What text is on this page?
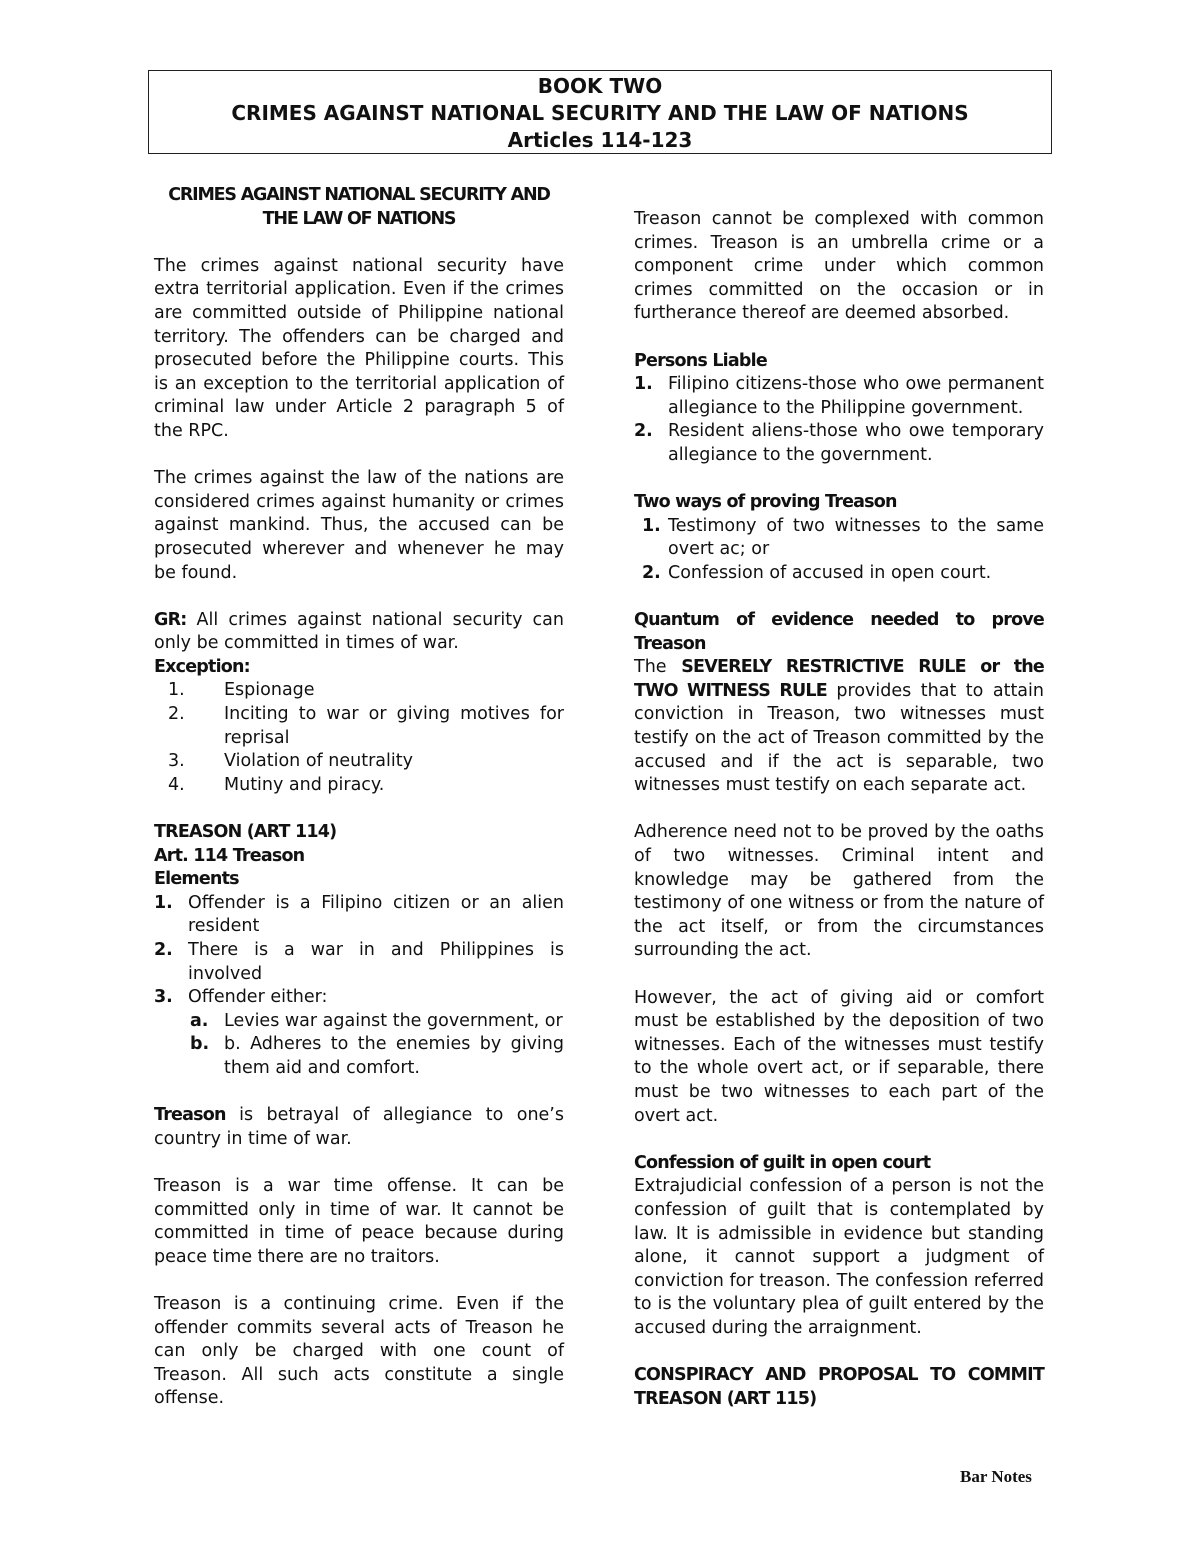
BOOK TWO
CRIMES AGAINST NATIONAL SECURITY AND THE LAW OF NATIONS
Articles 114-123

CRIMES AGAINST NATIONAL SECURITY AND
THE LAW OF NATIONS

The crimes against national security have extra territorial application. Even if the crimes are committed outside of Philippine national territory. The offenders can be charged and prosecuted before the Philippine courts. This is an exception to the territorial application of criminal law under Article 2 paragraph 5 of the RPC.

The crimes against the law of the nations are considered crimes against humanity or crimes against mankind. Thus, the accused can be prosecuted wherever and whenever he may be found.

GR: All crimes against national security can only be committed in times of war.

Exception:

1. Espionage
2. Inciting to war or giving motives for reprisal
3. Violation of neutrality
4. Mutiny and piracy.

TREASON (ART 114)

Art. 114 Treason

Elements

1. Offender is a Filipino citizen or an alien resident
2. There is a war in and Philippines is involved
3. Offender either:
a. Levies war against the government, or
b. b. Adheres to the enemies by giving them aid and comfort.

Treason is betrayal of allegiance to one’s country in time of war.

Treason is a war time offense. It can be committed only in time of war. It cannot be committed in time of peace because during peace time there are no traitors.

Treason is a continuing crime. Even if the offender commits several acts of Treason he can only be charged with one count of Treason. All such acts constitute a single offense.

Treason cannot be complexed with common crimes. Treason is an umbrella crime or a component crime under which common crimes committed on the occasion or in furtherance thereof are deemed absorbed.

Persons Liable

1. Filipino citizens-those who owe permanent allegiance to the Philippine government.
2. Resident aliens-those who owe temporary allegiance to the government.

Two ways of proving Treason

1. Testimony of two witnesses to the same overt ac; or
2. Confession of accused in open court.

Quantum of evidence needed to prove Treason

The SEVERELY RESTRICTIVE RULE or the TWO WITNESS RULE provides that to attain conviction in Treason, two witnesses must testify on the act of Treason committed by the accused and if the act is separable, two witnesses must testify on each separate act.

Adherence need not to be proved by the oaths of two witnesses. Criminal intent and knowledge may be gathered from the testimony of one witness or from the nature of the act itself, or from the circumstances surrounding the act.

However, the act of giving aid or comfort must be established by the deposition of two witnesses. Each of the witnesses must testify to the whole overt act, or if separable, there must be two witnesses to each part of the overt act.

Confession of guilt in open court

Extrajudicial confession of a person is not the confession of guilt that is contemplated by law. It is admissible in evidence but standing alone, it cannot support a judgment of conviction for treason. The confession referred to is the voluntary plea of guilt entered by the accused during the arraignment.

CONSPIRACY AND PROPOSAL TO COMMIT TREASON (ART 115)

Bar Notes
